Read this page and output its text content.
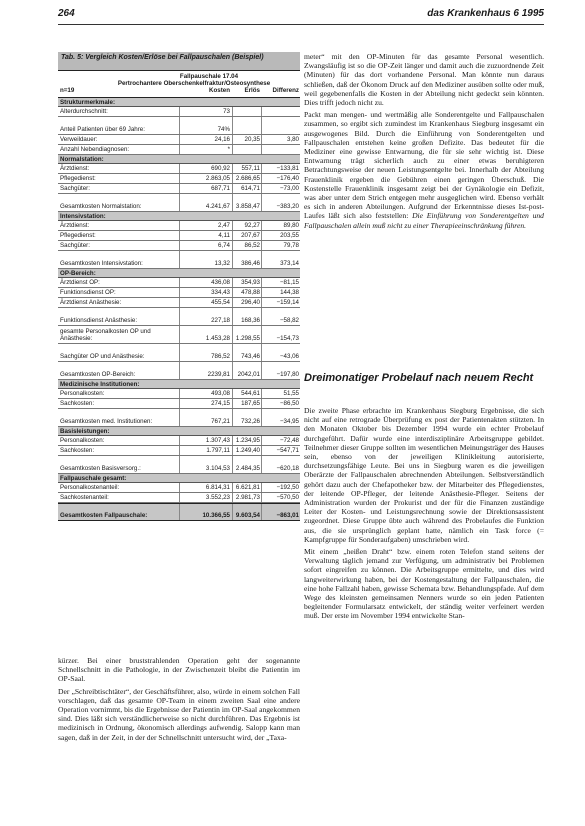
264	das Krankenhaus 6 1995
Tab. 5: Vergleich Kosten/Erlöse bei Fallpauschalen (Beispiel)
Fallpauschale 17.04
Pertrochantere Oberschenkelfraktur/Osteosynthese
n=19	Kosten	Erlös	Differenz
Strukturmerkmale:
Alterdurchschnitt:	73
Anteil Patienten über 69 Jahre:	74%
Verweildauer:	24,16	20,35	3,80
Anzahl Nebendiagnosen:	*
Normalstation:
Ärztdienst:	690,92	557,11	−133,81
Pflegedienst:	2.863,05 2.686,65	−176,40
Sachgüter:	687,71	614,71	−73,00
Gesamtkosten Normalstation:	4.241,67 3.858,47	−383,20
Intensivstation:
Ärztdienst:	2,47	92,27	89,80
Pflegedienst:	4,11	207,67	203,55
Sachgüter:	6,74	86,52	79,78
Gesamtkosten Intensivstation:	13,32	386,46	373,14
OP-Bereich:
Ärztdienst OP:	436,08	354,93	−81,15
Funktionsdienst OP:	334,43	478,88	144,38
Ärztdienst Anästhesie:	455,54	296,40	−159,14
Funktionsdienst Anästhesie:	227,18	168,36	−58,82
gesamte Personalkosten OP und Anästhesie:	1.453,28 1.298,55	−154,73
Sachgüter OP und Anästhesie:	786,52	743,46	−43,06
Gesamtkosten OP-Bereich:	2239,81	2042,01	−197,80
Medizinische Institutionen:
Personalkosten:	493,08	544,61	51,55
Sachkosten:	274,15	187,65	−86,50
Gesamtkosten med. Institutionen:	767,21	732,26	−34,95
Basisleistungen:
Personalkosten:	1.307,43 1.234,95	−72,48
Sachkosten:	1.797,11 1.249,40	−547,71
Gesamtkosten Basisversorg.:	3.104,53 2.484,35	−620,18
Fallpauschale gesamt:
Personalkostenanteil:	6.814,31 6.621,81	−192,50
Sachkostenanteil:	3.552,23 2.981,73	−570,50
Gesamtkosten Fallpauschale:	10.366,55 9.603,54	−863,01

kürzer. Bei einer bruststrahlenden Operation geht der sogenannte Schnellschnitt in die Pathologie, in der Zwischenzeit bleibt die Patientin im OP-Saal.

Der „Schreibtischtäter“, der Geschäftsführer, also, würde in einem solchen Fall vorschlagen, daß das gesamte OP-Team in einem zweiten Saal eine andere Operation vornimmt, bis die Ergebnisse der Patientin im OP-Saal angekommen sind. Dies läßt sich verständlicherweise so nicht durchführen. Das Ergebnis ist medizinisch in Ordnung, ökonomisch allerdings aufwendig. Salopp kann man sagen, daß in der Zeit, in der der Schnellschnitt untersucht wird, der „Taxa-

meter“ mit den OP-Minuten für das gesamte Personal wesentlich. Zwangsläufig ist so die OP-Zeit länger und damit auch die zuzuordnende Zeit (Minuten) für das dort vorhandene Personal. Man könnte nun daraus schließen, daß der Ökonom Druck auf den Mediziner ausüben sollte oder muß, weil gegebenenfalls die Kosten in der Abteilung nicht gedeckt sein könnten. Dies trifft jedoch nicht zu.

Packt man mengen- und wertmäßig alle Sonderentgelte und Fallpauschalen zusammen, so ergibt sich zumindest im Krankenhaus Siegburg insgesamt ein ausgewogenes Bild. Durch die Einführung von Sonderentgelten und Fallpauschalen entstehen keine großen Defizite. Das bedeutet für die Mediziner eine gewisse Entwarnung, die für sie sehr wichtig ist. Diese Entwarnung trägt sicherlich auch zu einer etwas beruhigteren Betrachtungsweise der neuen Leistungsentgelte bei. Innerhalb der Abteilung Frauenklinik ergeben die Gebühren einen geringen Überschuß. Die Kostenstelle Frauenklinik insgesamt zeigt bei der Gynäkologie ein Defizit, was aber unter dem Strich entgegen mehr ausgeglichen wird. Ebenso verhält es sich in anderen Abteilungen. Aufgrund der Erkenntnisse dieses Ist-post-Laufes läßt sich also feststellen: Die Einführung von Sonderentgelten und Fallpauschalen allein muß nicht zu einer Therapieeinschränkung führen.

Dreimonatiger Probelauf nach neuem Recht

Die zweite Phase erbrachte im Krankenhaus Siegburg Ergebnisse, die sich nicht auf eine retrograde Überprüfung ex post der Patientenakten stützten. In den Monaten Oktober bis Dezember 1994 wurde ein echter Probelauf durchgeführt. Dafür wurde eine interdisziplinäre Arbeitsgruppe gebildet. Teilnehmer dieser Gruppe sollten im wesentlichen Meinungsträger des Hauses sein, ebenso von der jeweiligen Klinikleitung autorisierte, durchsetzungsfähige Leute. Bei uns in Siegburg waren es die jeweiligen Oberärzte der Fallpauschalen abrechnenden Abteilungen. Selbstverständlich gehört dazu auch der Chefapotheker bzw. der Mitarbeiter des Pflegedienstes, der leitende OP-Pfleger, der leitende Anästhesie-Pfleger. Seitens der Administration wurden der Prokurist und der für die Finanzen zuständige Leiter der Kosten- und Leistungsrechnung sowie der Direktionsassistent zugeordnet. Diese Gruppe übte auch während des Probelaufes die Funktion aus, die sie ursprünglich geplant hatte, nämlich ein Task force (= Kampfgruppe für Sonderaufgaben) umschrieben wird.

Mit einem „heißen Draht“ bzw. einem roten Telefon stand seitens der Verwaltung täglich jemand zur Verfügung, um administrativ bei Problemen sofort eingreifen zu können. Die Arbeitsgruppe ermittelte, und dies wird langweiterwirkung haben, bei der Kostengestaltung der Fallpauschalen, die eine hohe Fallzahl haben, gewisse Schemata bzw. Behandlungspfade. Auf dem Wege des kleinsten gemeinsamen Nenners wurde so ein jeden Patienten begleitender Formularsatz entwickelt, der ständig weiter verfeinert werden muß. Der erste im November 1994 entwickelte Stan-
